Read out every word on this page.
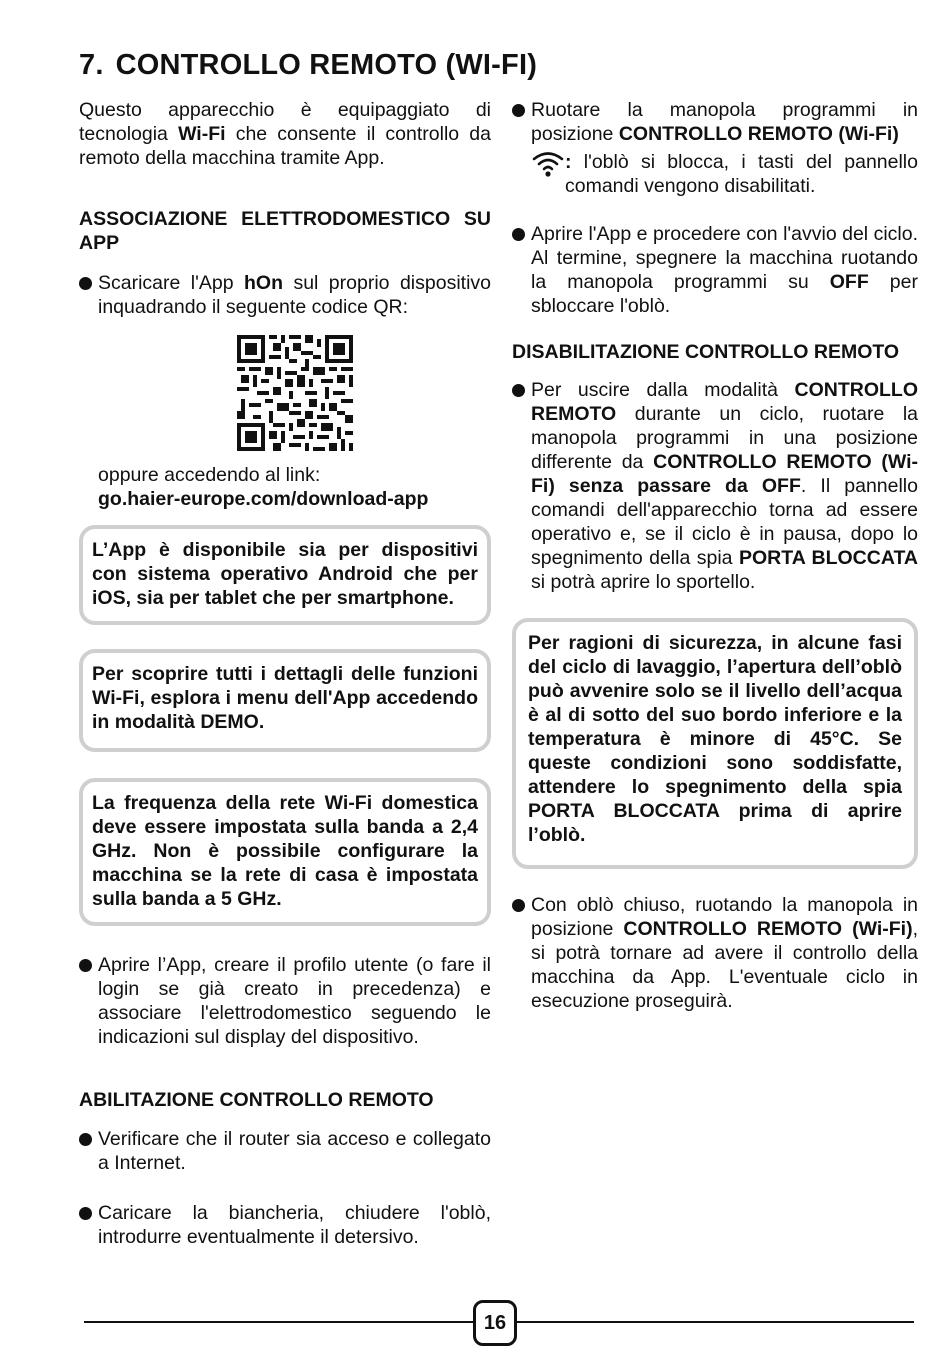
7. CONTROLLO REMOTO (WI-FI)

Questo apparecchio è equipaggiato di tecnologia Wi-Fi che consente il controllo da remoto della macchina tramite App.

ASSOCIAZIONE ELETTRODOMESTICO SU APP

Scaricare l'App hOn sul proprio dispositivo inquadrando il seguente codice QR:

oppure accedendo al link:

go.haier-europe.com/download-app

L’App è disponibile sia per dispositivi con sistema operativo Android che per iOS, sia per tablet che per smartphone.
Per scoprire tutti i dettagli delle funzioni Wi-Fi, esplora i menu dell'App accedendo in modalità DEMO.
La frequenza della rete Wi-Fi domestica deve essere impostata sulla banda a 2,4 GHz. Non è possibile configurare la macchina se la rete di casa è impostata sulla banda a 5 GHz.
Aprire l’App, creare il profilo utente (o fare il login se già creato in precedenza) e associare l'elettrodomestico seguendo le indicazioni sul display del dispositivo.

ABILITAZIONE CONTROLLO REMOTO

Verificare che il router sia acceso e collegato a Internet.
Caricare la biancheria, chiudere l'oblò, introdurre eventualmente il detersivo.
Ruotare la manopola programmi in posizione CONTROLLO REMOTO (Wi-Fi)
: l'oblò si blocca, i tasti del pannello comandi vengono disabilitati.
Aprire l'App e procedere con l'avvio del ciclo. Al termine, spegnere la macchina ruotando la manopola programmi su OFF per sbloccare l'oblò.

DISABILITAZIONE CONTROLLO REMOTO

Per uscire dalla modalità CONTROLLO REMOTO durante un ciclo, ruotare la manopola programmi in una posizione differente da CONTROLLO REMOTO (Wi-Fi) senza passare da OFF. Il pannello comandi dell'apparecchio torna ad essere operativo e, se il ciclo è in pausa, dopo lo spegnimento della spia PORTA BLOCCATA si potrà aprire lo sportello.
Per ragioni di sicurezza, in alcune fasi del ciclo di lavaggio, l’apertura dell’oblò può avvenire solo se il livello dell’acqua è al di sotto del suo bordo inferiore e la temperatura è minore di 45°C. Se queste condizioni sono soddisfatte, attendere lo spegnimento della spia PORTA BLOCCATA prima di aprire l’oblò.
Con oblò chiuso, ruotando la manopola in posizione CONTROLLO REMOTO (Wi-Fi), si potrà tornare ad avere il controllo della macchina da App. L'eventuale ciclo in esecuzione proseguirà.
16
